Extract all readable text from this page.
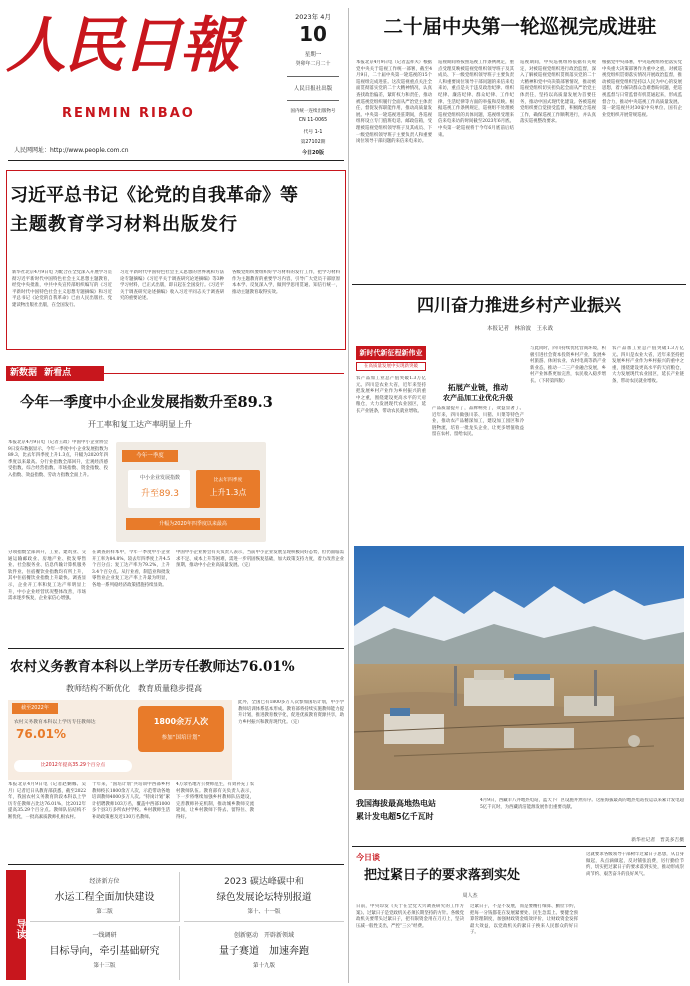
人民日報
RENMIN RIBAO
2023年 4月
10
星期一
癸卯年二月二十
人民日报社出版
国内统一连续出版物号
CN 11-0065
代号 1-1
第27102期
今日20版
人民网网址：http://www.people.com.cn
二十届中央第一轮巡视完成进驻
本报北京4月9日电（记者孟祥夫）根据党中央关于巡视工作统一部署，截至4月9日，二十届中央第一轮巡视的15个巡视组完成进驻。这次巡视重点关注全面贯彻落实党的二十大精神情况，认真查找政治偏差，紧盯权力和责任，推动被巡视党组织履行全面从严治党主体责任，督促发挥职能作用，推动高质量发展。中央第一轮巡视进驻期间，各巡视组将设立专门值班电话、邮政信箱，受理被巡视党组织领导班子及其成员、下一级党组织领导班子主要负责人和重要岗位领导干部问题的来信来电来访。
巡视期间将按照巡视工作条例规定，重点受理反映被巡视党组织领导班子及其成员、下一级党组织领导班子主要负责人和重要岗位领导干部问题的来信来电来访，重点是关于违反政治纪律、组织纪律、廉洁纪律、群众纪律、工作纪律、生活纪律等方面的举报和反映。根据巡视工作条例规定，巡视组不处理被巡视党组织的具体问题，巡视组受理来信来电来访的时间截至2023年6月底。中央第一轮巡视将于今年6月底前后结束。
巡视期间，中央巡视组将依据有关规定，对被巡视党组织进行政治监督，深入了解被巡视党组织贯彻落实党的二十大精神和党中央决策部署情况，推动被巡视党组织切实担负起全面从严治党主体责任，坚持以高质量发展为首要任务，推动中国式现代化建设。各被巡视党组织要自觉接受监督，积极配合巡视工作，确保巡视工作顺利进行，并认真落实巡视整改要求。
根据党中央部署，中央巡视组将把落实党中央重大决策部署作为重中之重，对被巡视党组织贯彻落实情况开展政治监督，推动被巡视党组织坚持以人民为中心的发展思想，着力解决群众急难愁盼问题，把巡视监督与日常监督有机贯通起来，形成监督合力，推动中央巡视工作高质量发展。第一轮巡视共对30家中央单位、国有企业党组织开展常规巡视。
习近平总书记《论党的自我革命》等
主题教育学习材料出版发行
新华社北京4月9日电 为配合在全党深入开展学习贯彻习近平新时代中国特色社会主义思想主题教育，经党中央批准，中共中央宣传部组织编写的《习近平新时代中国特色社会主义思想专题摘编》和习近平总书记《论党的自我革命》已由人民出版社、党建读物出版社出版，在全国发行。
习近平新时代中国特色社会主义思想的世界观和方法论专题摘编》《习近平关于调查研究论述摘编》等3种学习材料，已正式出版，即日起在全国发行。《习近平关于调查研究论述摘编》收入习近平同志关于调查研究的重要论述。
各级党组织要组织好学习材料的发行工作，把学习材料作为主题教育的重要学习内容，引导广大党员干部原原本本学、反复深入学，做到学思用贯通、知信行统一，推动主题教育取得实效。
新数据 新看点
今年一季度中小企业发展指数升至89.3
开工率和复工达产率明显上升
本报北京4月9日电（记者王政）中国中小企业协会9日发布数据显示，今年一季度中小企业发展指数为89.3，比去年四季度上升1.3点，升幅为2020年四季度以来最高。分行业指数全部回升，宏观经济感受指数、综合经营指数、市场指数、资金指数、投入指数、效益指数、劳动力指数全面上升。
分项指数全部回升，工业、建筑业、交通运输邮政业、房地产业、批发零售业、社会服务业、信息传输计算机服务软件业、住宿餐饮业指数均有所上升，其中住宿餐饮业指数上升最快。调查显示，企业开工率和复工达产率明显上升，中小企业经营状况整体改善，市场需求逐步恢复，企业家信心增强。
在调查的样本中，今年一季度中小企业开工率为84.8%，较去年四季度上升4.5个百分点；复工达产率为79.2%，上升3.4个百分点。从行业看，制造业和批发零售业企业复工达产率上升最为明显，各地一系列稳经济政策措施持续显效。
中国中小企业协会有关负责人表示，当前中小企业发展呈现积极向好态势，但仍面临需求不足、成本上升等困难，需进一步巩固恢复基础，加大政策支持力度，着力改善企业预期，推动中小企业高质量发展。（完）
今年一季度
中小企业发展指数
升至89.3
比去年四季度
上升1.3点
升幅为2020年四季度以来最高
农村义务教育本科以上学历专任教师达76.01%
教师结构不断优化　教育质量稳步提高
截至2022年
农村义务教育本科以上学历专任教师达
76.01%
比2012年提高35.29个百分点
1800余万人次
参加“国培计划”
本报北京4月9日电（记者赵婀娜、吴月）记者近日从教育部获悉，截至2022年，我国农村义务教育阶段本科以上学历专任教师占比达76.01%，比2012年提高35.29个百分点。教师队伍结构不断优化，一批高素质教师扎根农村。
十年来，“国培计划”共培训中西部乡村教师校长1800余万人次，示范带动各地培训教师4000多万人次。“特岗计划”累计招聘教师103万名，覆盖中西部1000多个县3万多所农村学校。乡村教师生活补助政策惠及近130万名教师。
4万余名地方公费师范生，有效补充了农村教师队伍。教育部有关负责人表示，下一步将继续加强乡村教师队伍建设，完善教师补充机制，推动城乡教师交流轮岗，让乡村教师下得去、留得住、教得好。
此外，全国已有1800多万人次参加国培计划，中小学教师培训体系基本形成。教育部将持续实施教师能力提升计划，推进教育数字化，促进优质教育资源共享，助力乡村振兴和教育现代化。（完）
导读
经济新方位
水运工程全面加快建设
第二版
2023 碳达峰碳中和
绿色发展论坛特别报道
第十、十一版
一线调研
目标导向，牵引基础研究
第十三版
创新驱动　开辟新领域
量子赛道　加速奔跑
第十九版
四川奋力推进乡村产业振兴
本报记者　林治波　王永战
新时代新征程新伟业
在高质量发展中实现新突破
农产品加工业总产值突破1.3万亿元。四川是农业大省，近年来坚持把发展乡村产业作为乡村振兴的重中之重，围绕建设更高水平的天府粮仓，大力发展现代农业园区，延长产业链条，带动农民就业增收。
拓展产业链，推动
农产品加工业优化升级
产品质量提升了，品牌响亮了，效益显著了。近年来，四川做强川茶、川猪、川菜等特色产业，推动农产品精深加工，建设加工园区和冷链物流，培育一批龙头企业，让更多增值收益留在农村、留给农民。
与此同时，四川持续优化营商环境，积极引进社会资本投资乡村产业，发展乡村旅游、休闲农业、农村电商等新产业新业态，推动一二三产业融合发展，乡村产业体系更加完善，农民收入稳步增长。（下转第四版）
农产品加工业总产值突破1.3万亿元。四川是农业大省，近年来坚持把发展乡村产业作为乡村振兴的重中之重，围绕建设更高水平的天府粮仓，大力发展现代农业园区，延长产业链条，带动农民就业增收。
我国海拔最高地热电站
累计发电超5亿千瓦时
4月9日，西藏羊八井地热电站，蓝天下厂区设施井然有序。这座海拔最高的地热电站投运以来累计发电超5亿千瓦时，为西藏清洁能源发展作出重要贡献。
新华社记者　晋美多吉摄
今日谈
把过紧日子的要求落到实处
周人杰
日前，中央印发《关于在全党大兴调查研究的工作方案》。过紧日子是党政机关必须长期坚持的方针。各级党政机关要带头过紧日子，把有限资金用在刀刃上，坚决压减一般性支出，严控“三公”经费。
过紧日子，不是不发展，而是要精打细算、勤俭节约，把每一分钱都花在发展紧要处、民生急需上。要健全预算管理制度，加强财政资金绩效评价，让财政资金发挥最大效益，以党政机关的紧日子换来人民群众的好日子。
这就要求各级领导干部树牢过紧日子思想，从自身做起，从点滴做起，反对铺张浪费，厉行勤俭节约，切实把过紧日子的要求落到实处，推动形成崇尚节约、艰苦奋斗的良好风气。
